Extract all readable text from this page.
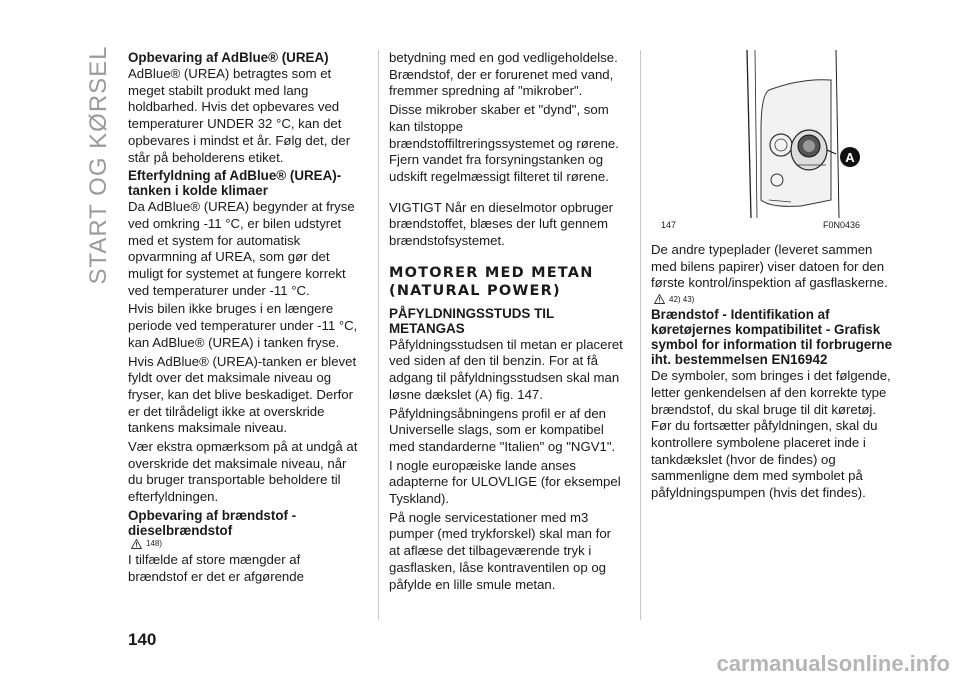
START OG KØRSEL Opbevaring af AdBlue® (UREA)

AdBlue® (UREA) betragtes som et meget stabilt produkt med lang holdbarhed. Hvis det opbevares ved temperaturer UNDER 32 °C, kan det opbevares i mindst et år. Følg det, der står på beholderens etiket.

Efterfyldning af AdBlue® (UREA)-tanken i kolde klimaer

Da AdBlue® (UREA) begynder at fryse ved omkring -11 °C, er bilen udstyret med et system for automatisk opvarmning af UREA, som gør det muligt for systemet at fungere korrekt ved temperaturer under -11 °C.

Hvis bilen ikke bruges i en længere periode ved temperaturer under -11 °C, kan AdBlue® (UREA) i tanken fryse.

Hvis AdBlue® (UREA)-tanken er blevet fyldt over det maksimale niveau og fryser, kan det blive beskadiget. Derfor er det tilrådeligt ikke at overskride tankens maksimale niveau.

Vær ekstra opmærksom på at undgå at overskride det maksimale niveau, når du bruger transportable beholdere til efterfyldningen.

Opbevaring af brændstof - dieselbrændstof
148)

I tilfælde af store mængder af brændstof er det er afgørende

betydning med en god vedligeholdelse. Brændstof, der er forurenet med vand, fremmer spredning af "mikrober".

Disse mikrober skaber et "dynd", som kan tilstoppe brændstoffiltreringssystemet og rørene. Fjern vandet fra forsyningstanken og udskift regelmæssigt filteret til rørene.

VIGTIGT Når en dieselmotor opbruger brændstoffet, blæses der luft gennem brændstofsystemet.

MOTORER MED METAN (NATURAL POWER)
PÅFYLDNINGSSTUDS TIL METANGAS

Påfyldningsstudsen til metan er placeret ved siden af den til benzin. For at få adgang til påfyldningsstudsen skal man løsne dækslet (A) fig. 147.

Påfyldningsåbningens profil er af den Universelle slags, som er kompatibel med standarderne "Italien" og "NGV1".

I nogle europæiske lande anses adapterne for ULOVLIGE (for eksempel Tyskland).

På nogle servicestationer med m3 pumper (med trykforskel) skal man for at aflæse det tilbageværende tryk i gasflasken, låse kontraventilen op og påfylde en lille smule metan.

A
147	F0N0436

De andre typeplader (leveret sammen med bilens papirer) viser datoen for den første kontrol/inspektion af gasflaskerne.

42) 43)
Brændstof - Identifikation af køretøjernes kompatibilitet - Grafisk symbol for information til forbrugerne iht. bestemmelsen EN16942

De symboler, som bringes i det følgende, letter genkendelsen af den korrekte type brændstof, du skal bruge til dit køretøj. Før du fortsætter påfyldningen, skal du kontrollere symbolene placeret inde i tankdækslet (hvor de findes) og sammenligne dem med symbolet på påfyldningspumpen (hvis det findes).

140
carmanualsonline.info
